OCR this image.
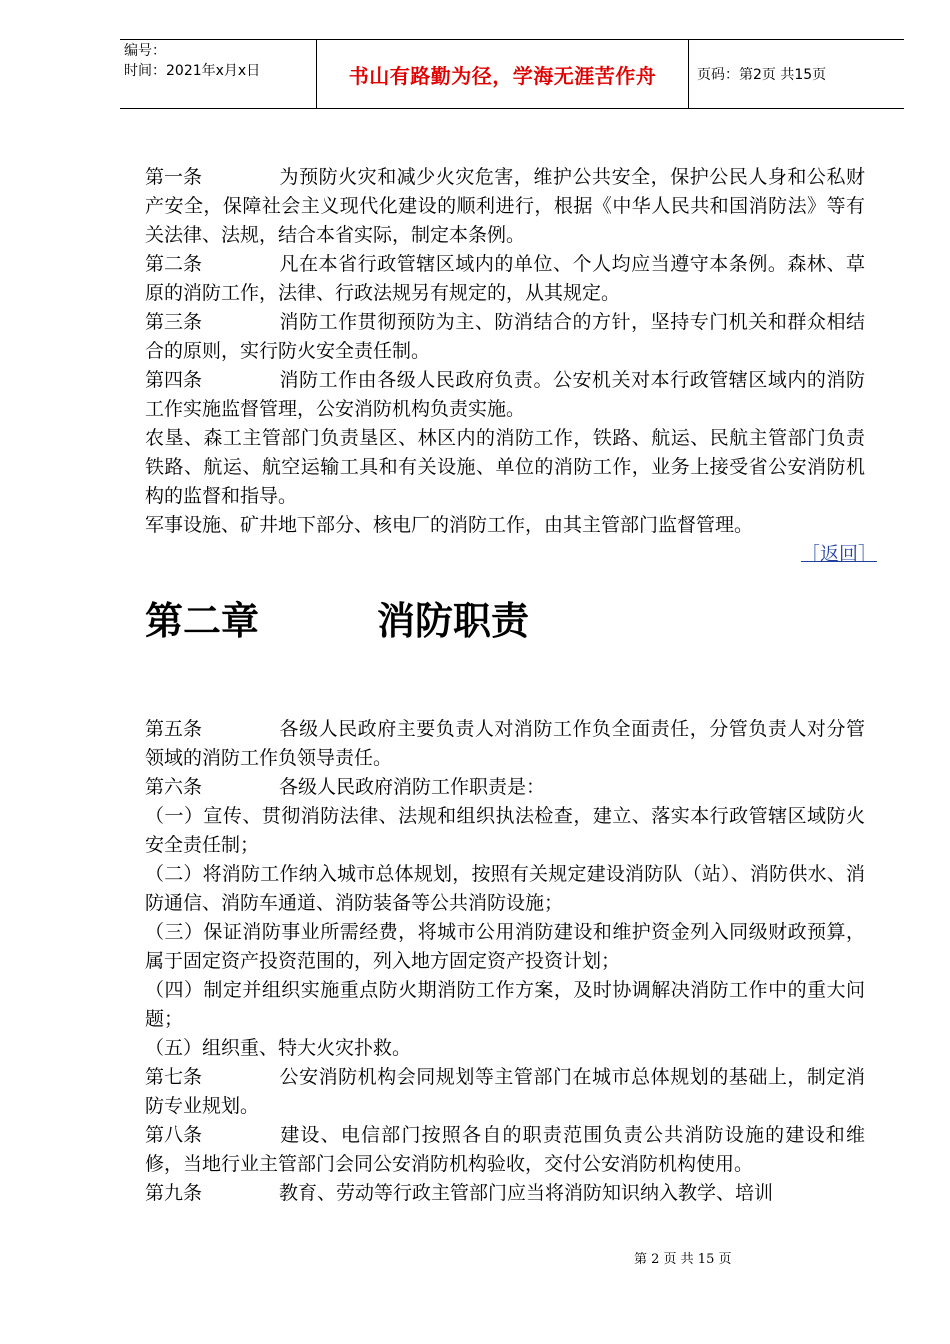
编号：
时间：2021年x月x日	书山有路勤为径，学海无涯苦作舟	页码：第2页 共15页

第一条	为预防火灾和减少火灾危害，维护公共安全，保护公民人身和公私财产安全，保障社会主义现代化建设的顺利进行，根据《中华人民共和国消防法》等有关法律、法规，结合本省实际，制定本条例。

第二条	凡在本省行政管辖区域内的单位、个人均应当遵守本条例。森林、草原的消防工作，法律、行政法规另有规定的，从其规定。

第三条	消防工作贯彻预防为主、防消结合的方针，坚持专门机关和群众相结合的原则，实行防火安全责任制。

第四条	消防工作由各级人民政府负责。公安机关对本行政管辖区域内的消防工作实施监督管理，公安消防机构负责实施。

农垦、森工主管部门负责垦区、林区内的消防工作，铁路、航运、民航主管部门负责铁路、航运、航空运输工具和有关设施、单位的消防工作，业务上接受省公安消防机构的监督和指导。

军事设施、矿井地下部分、核电厂的消防工作，由其主管部门监督管理。

［返回］
第二章	消防职责

第五条	各级人民政府主要负责人对消防工作负全面责任，分管负责人对分管领域的消防工作负领导责任。

第六条	各级人民政府消防工作职责是：

（一）宣传、贯彻消防法律、法规和组织执法检查，建立、落实本行政管辖区域防火安全责任制；

（二）将消防工作纳入城市总体规划，按照有关规定建设消防队（站）、消防供水、消防通信、消防车通道、消防装备等公共消防设施；

（三）保证消防事业所需经费，将城市公用消防建设和维护资金列入同级财政预算，属于固定资产投资范围的，列入地方固定资产投资计划；

（四）制定并组织实施重点防火期消防工作方案，及时协调解决消防工作中的重大问题；

（五）组织重、特大火灾扑救。

第七条	公安消防机构会同规划等主管部门在城市总体规划的基础上，制定消防专业规划。

第八条	建设、电信部门按照各自的职责范围负责公共消防设施的建设和维修，当地行业主管部门会同公安消防机构验收，交付公安消防机构使用。

第九条	教育、劳动等行政主管部门应当将消防知识纳入教学、培训

第 2 页 共 15 页
